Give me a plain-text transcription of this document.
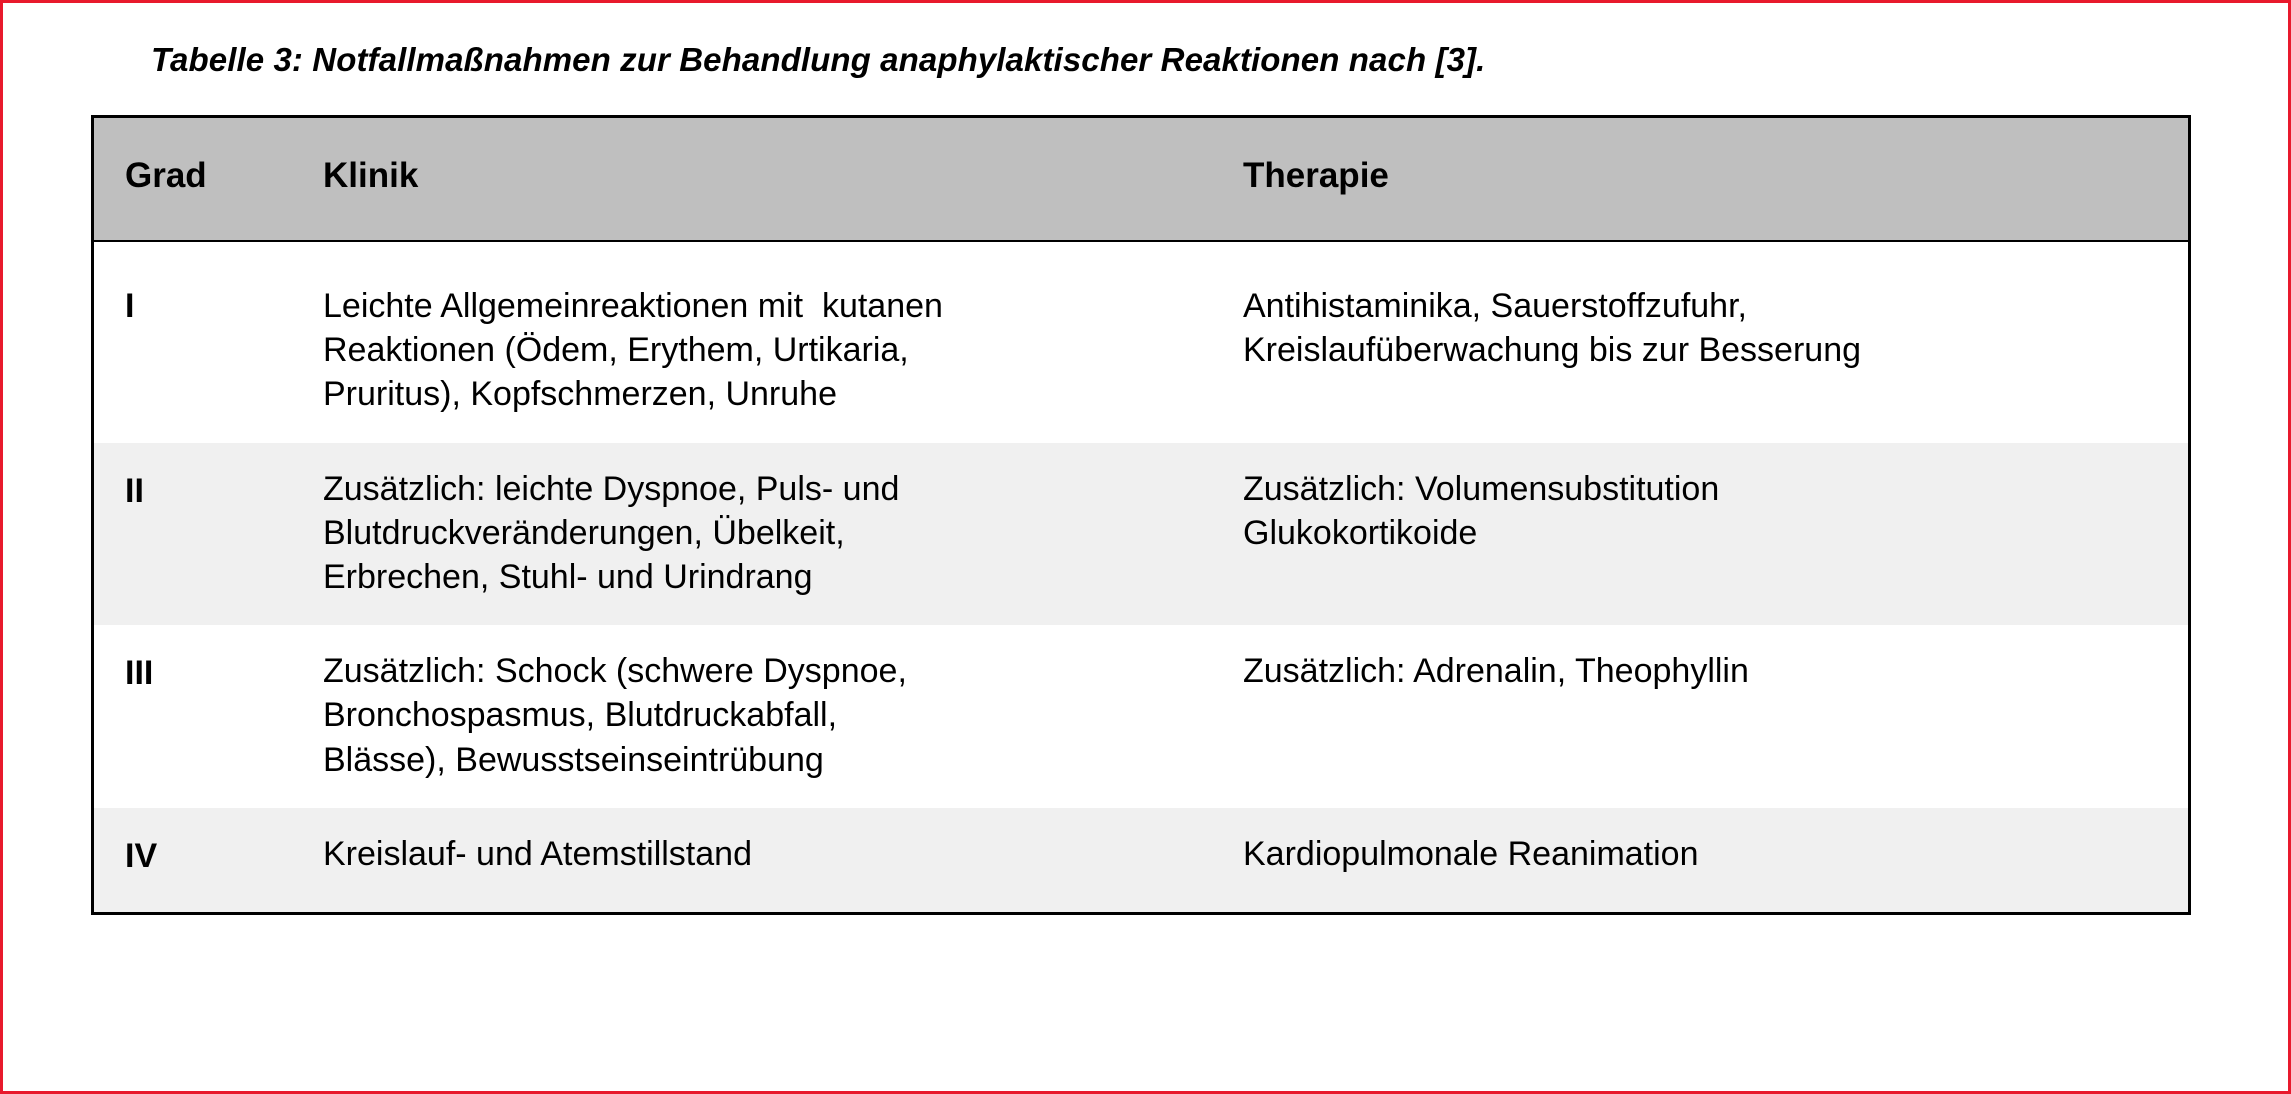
Tabelle 3: Notfallmaßnahmen zur Behandlung anaphylaktischer Reaktionen nach [3].
Grad	Klinik	Therapie
I	Leichte Allgemeinreaktionen mit  kutanen
Reaktionen (Ödem, Erythem, Urtikaria,
Pruritus), Kopfschmerzen, Unruhe	Antihistaminika, Sauerstoffzufuhr,
Kreislaufüberwachung bis zur Besserung

II	Zusätzlich: leichte Dyspnoe, Puls- und
Blutdruckveränderungen, Übelkeit,
Erbrechen, Stuhl- und Urindrang	Zusätzlich: Volumensubstitution
Glukokortikoide

III	Zusätzlich: Schock (schwere Dyspnoe,
Bronchospasmus, Blutdruckabfall,
Blässe), Bewusstseinseintrübung	Zusätzlich: Adrenalin, Theophyllin

IV	Kreislauf- und Atemstillstand	Kardiopulmonale Reanimation
